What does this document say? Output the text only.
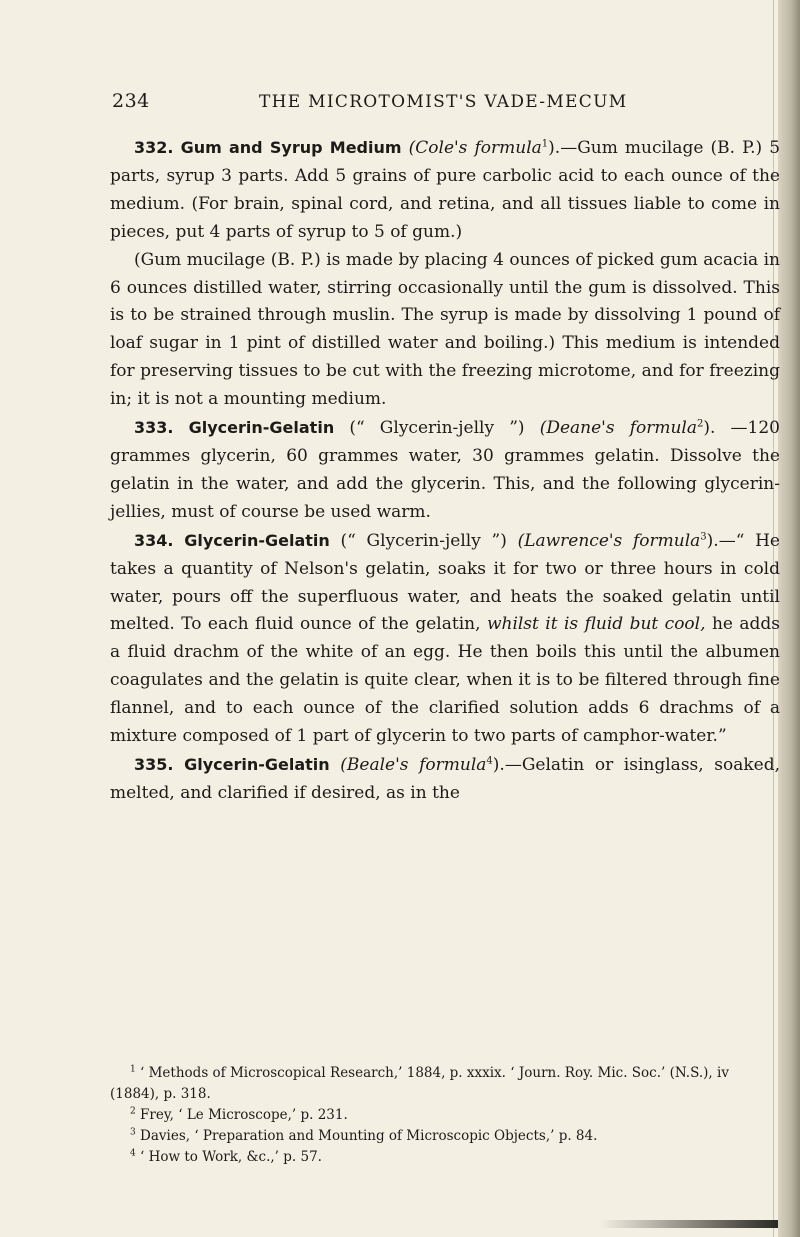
234	THE MICROTOMIST'S VADE-MECUM

332. Gum and Syrup Medium (Cole's formula$^1$).—Gum mucilage (B. P.) 5 parts, syrup 3 parts. Add 5 grains of pure carbolic acid to each ounce of the medium. (For brain, spinal cord, and retina, and all tissues liable to come in pieces, put 4 parts of syrup to 5 of gum.)

(Gum mucilage (B. P.) is made by placing 4 ounces of picked gum acacia in 6 ounces distilled water, stirring occasionally until the gum is dissolved. This is to be strained through muslin. The syrup is made by dissolving 1 pound of loaf sugar in 1 pint of distilled water and boiling.) This medium is intended for preserving tissues to be cut with the freezing microtome, and for freezing in; it is not a mounting medium.

333. Glycerin-Gelatin (“ Glycerin-jelly ”) (Deane's formula$^2$). —120 grammes glycerin, 60 grammes water, 30 grammes gelatin. Dissolve the gelatin in the water, and add the glycerin. This, and the following glycerin-jellies, must of course be used warm.

334. Glycerin-Gelatin (“ Glycerin-jelly ”) (Lawrence's formula$^3$).—“ He takes a quantity of Nelson's gelatin, soaks it for two or three hours in cold water, pours off the superfluous water, and heats the soaked gelatin until melted. To each fluid ounce of the gelatin, whilst it is fluid but cool, he adds a fluid drachm of the white of an egg. He then boils this until the albumen coagulates and the gelatin is quite clear, when it is to be filtered through fine flannel, and to each ounce of the clarified solution adds 6 drachms of a mixture composed of 1 part of glycerin to two parts of camphor-water.”

335. Glycerin-Gelatin (Beale's formula$^4$).—Gelatin or isinglass, soaked, melted, and clarified if desired, as in the

$^1$ ‘ Methods of Microscopical Research,’ 1884, p. xxxix. ‘ Journ. Roy. Mic. Soc.’ (N.S.), iv (1884), p. 318.

$^2$ Frey, ‘ Le Microscope,’ p. 231.

$^3$ Davies, ‘ Preparation and Mounting of Microscopic Objects,’ p. 84.

$^4$ ‘ How to Work, &c.,’ p. 57.
